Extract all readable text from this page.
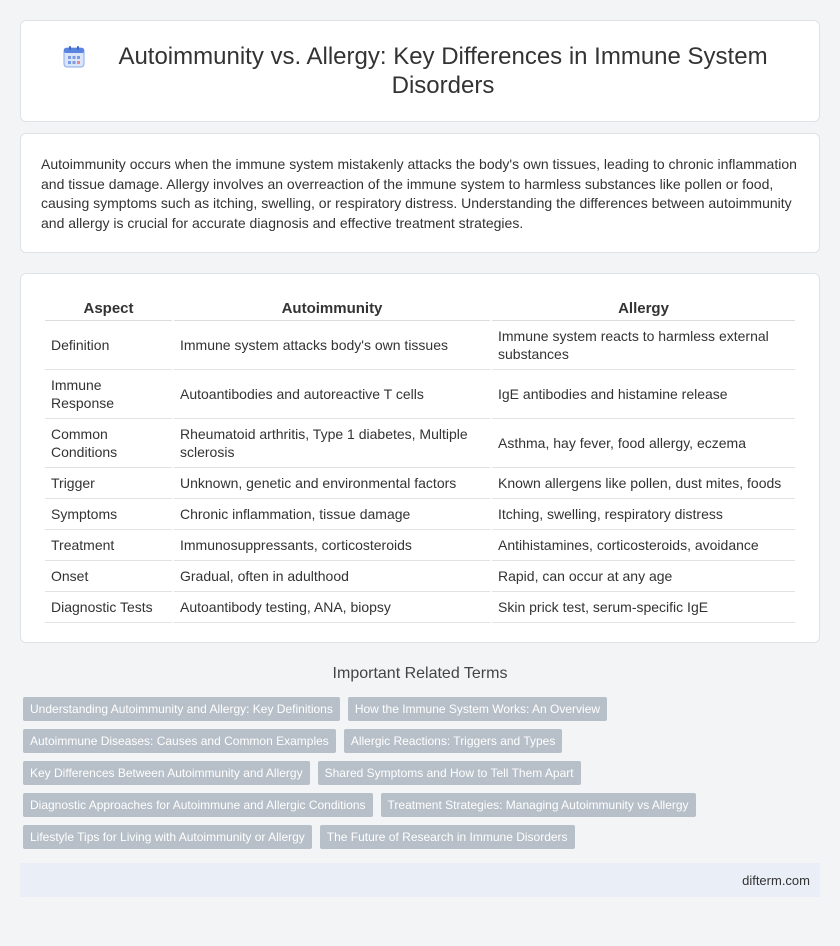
Autoimmunity vs. Allergy: Key Differences in Immune System Disorders

Autoimmunity occurs when the immune system mistakenly attacks the body's own tissues, leading to chronic inflammation and tissue damage. Allergy involves an overreaction of the immune system to harmless substances like pollen or food, causing symptoms such as itching, swelling, or respiratory distress. Understanding the differences between autoimmunity and allergy is crucial for accurate diagnosis and effective treatment strategies.

Aspect	Autoimmunity	Allergy
Definition	Immune system attacks body's own tissues	Immune system reacts to harmless external substances
Immune Response	Autoantibodies and autoreactive T cells	IgE antibodies and histamine release
Common Conditions	Rheumatoid arthritis, Type 1 diabetes, Multiple sclerosis	Asthma, hay fever, food allergy, eczema
Trigger	Unknown, genetic and environmental factors	Known allergens like pollen, dust mites, foods
Symptoms	Chronic inflammation, tissue damage	Itching, swelling, respiratory distress
Treatment	Immunosuppressants, corticosteroids	Antihistamines, corticosteroids, avoidance
Onset	Gradual, often in adulthood	Rapid, can occur at any age
Diagnostic Tests	Autoantibody testing, ANA, biopsy	Skin prick test, serum-specific IgE
Important Related Terms
Understanding Autoimmunity and Allergy: Key Definitions	How the Immune System Works: An Overview
Autoimmune Diseases: Causes and Common Examples	Allergic Reactions: Triggers and Types
Key Differences Between Autoimmunity and Allergy	Shared Symptoms and How to Tell Them Apart
Diagnostic Approaches for Autoimmune and Allergic Conditions	Treatment Strategies: Managing Autoimmunity vs Allergy
Lifestyle Tips for Living with Autoimmunity or Allergy	The Future of Research in Immune Disorders
difterm.com
